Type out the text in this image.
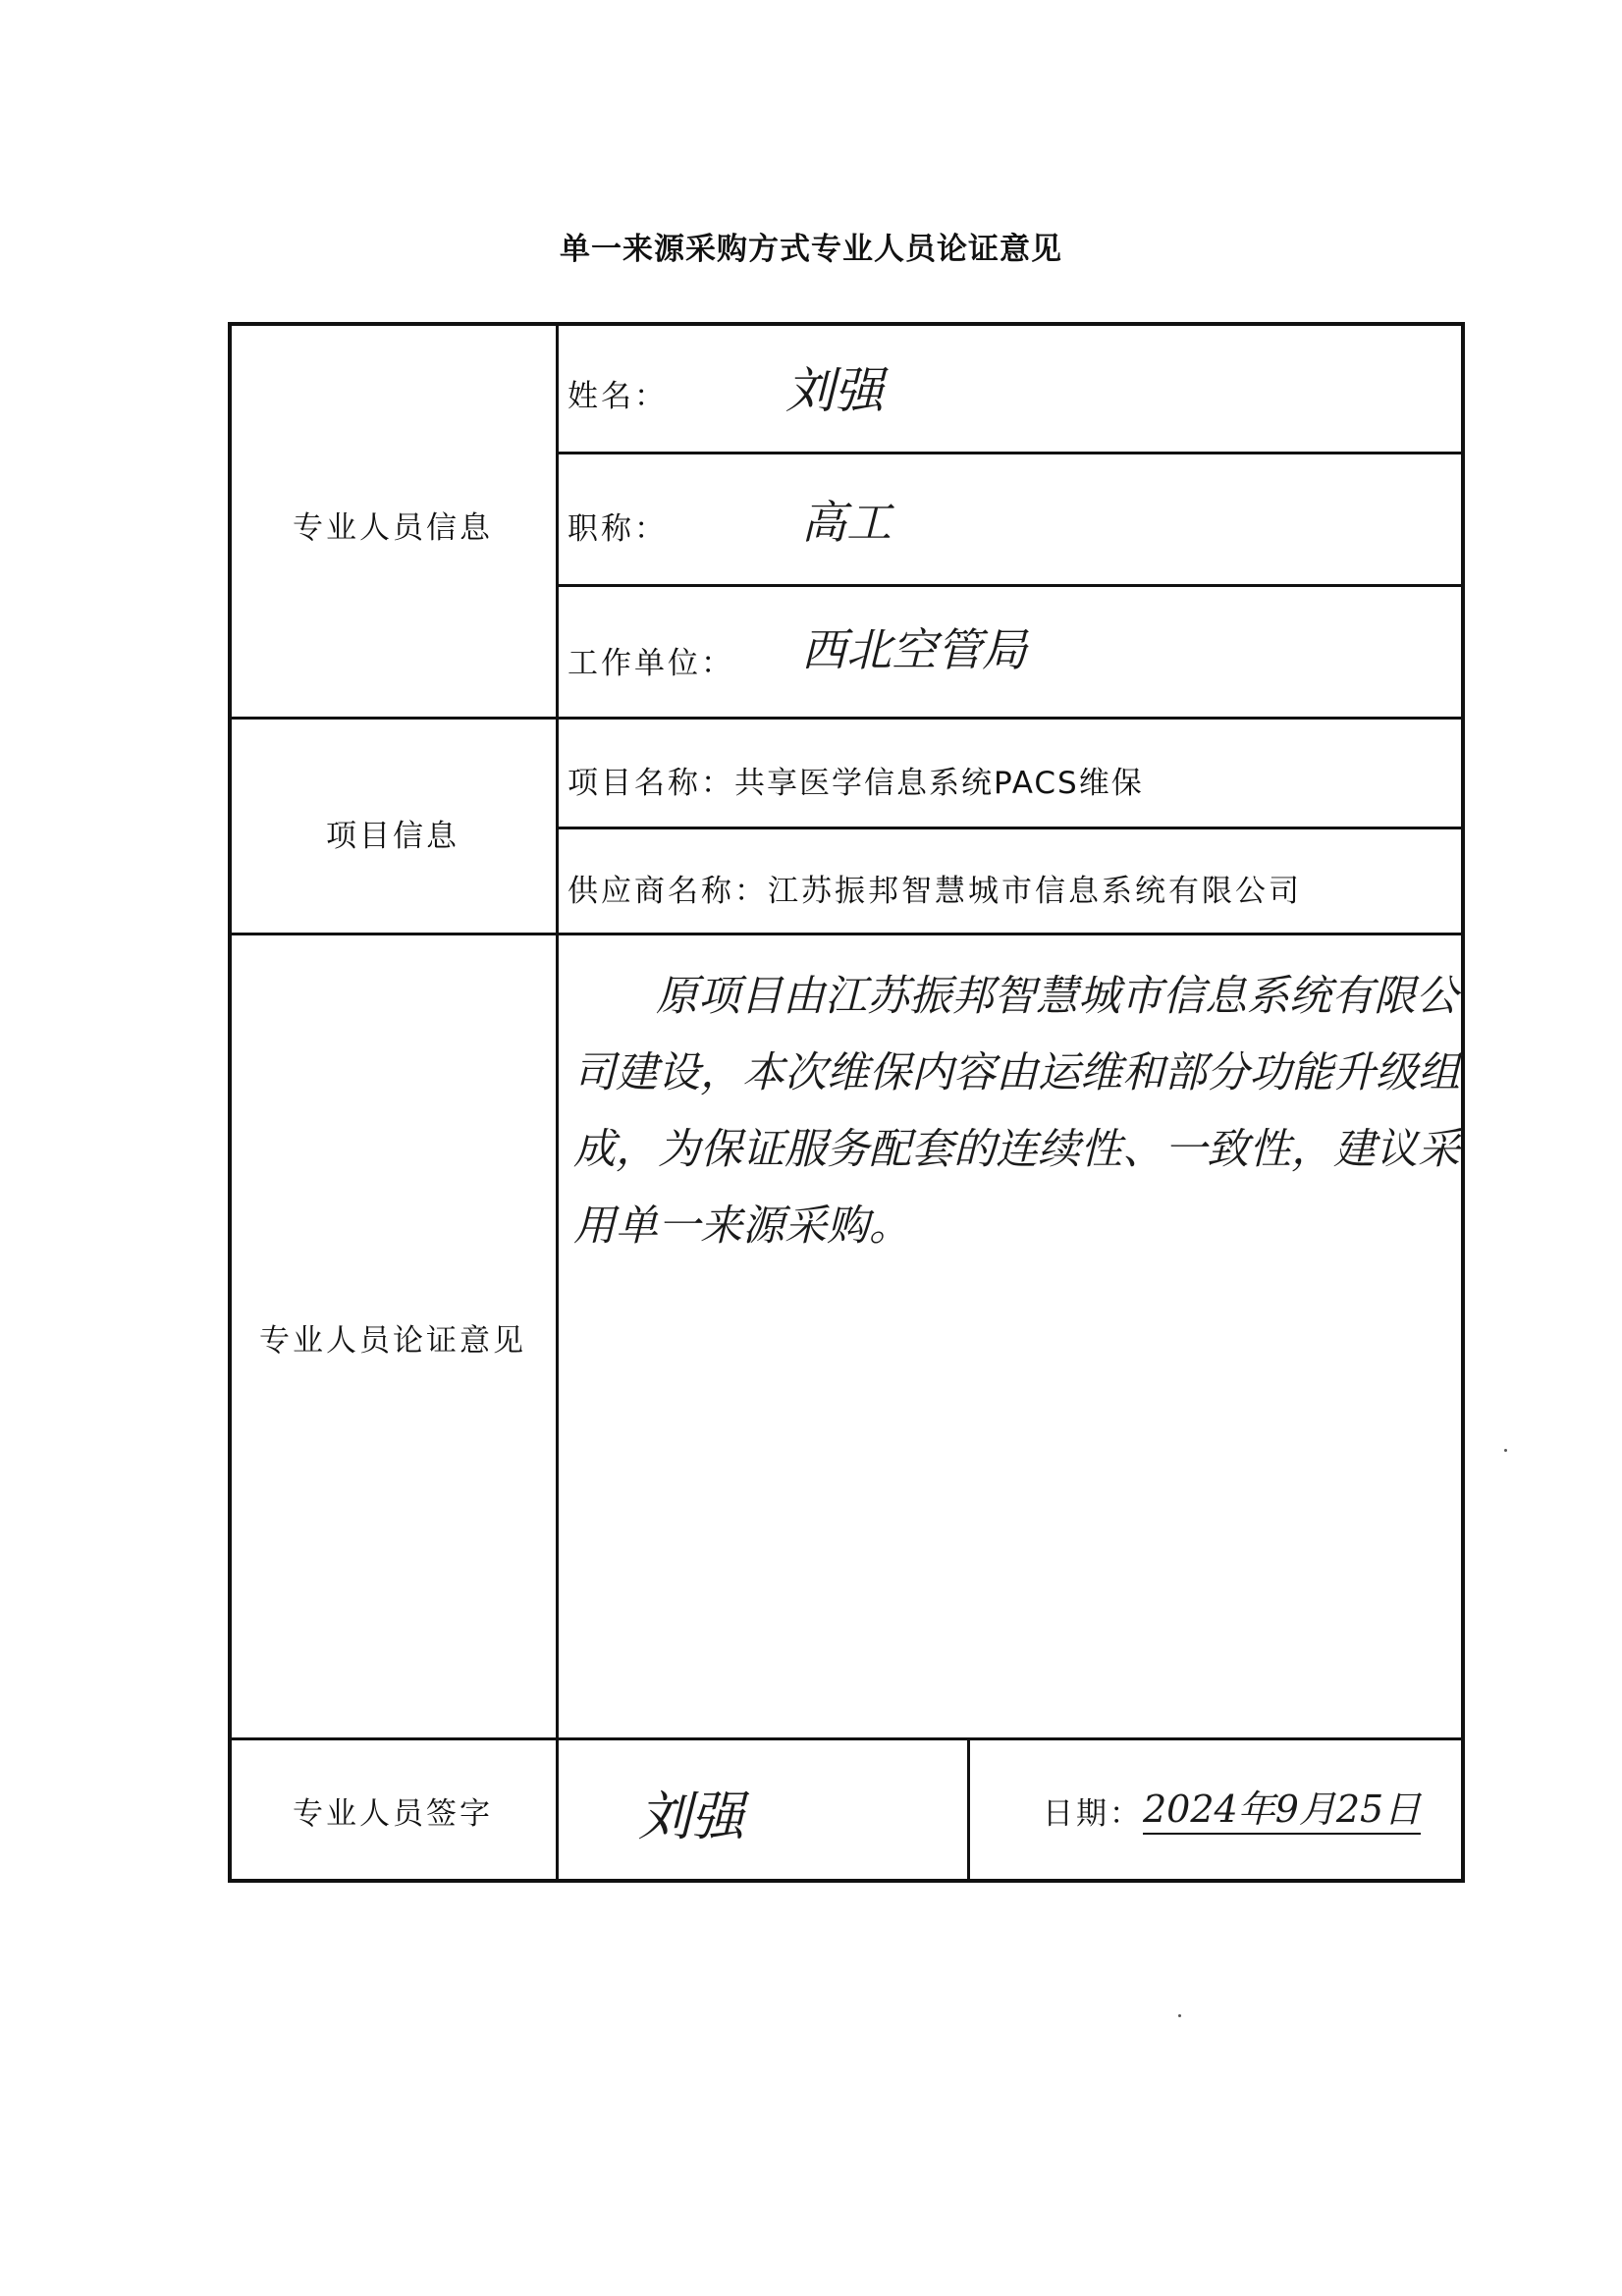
单一来源采购方式专业人员论证意见
专业人员信息
项目信息
专业人员论证意见
专业人员签字
姓名： 刘强
职称：	高工
工作单位： 西北空管局
项目名称：共享医学信息系统PACS维保
供应商名称：江苏振邦智慧城市信息系统有限公司
原项目由江苏振邦智慧城市信息系统有限公司建设，本次维保内容由运维和部分功能升级组成，为保证服务配套的连续性、一致性，建议采用单一来源采购。
刘强	日期： 2024年9月25日
